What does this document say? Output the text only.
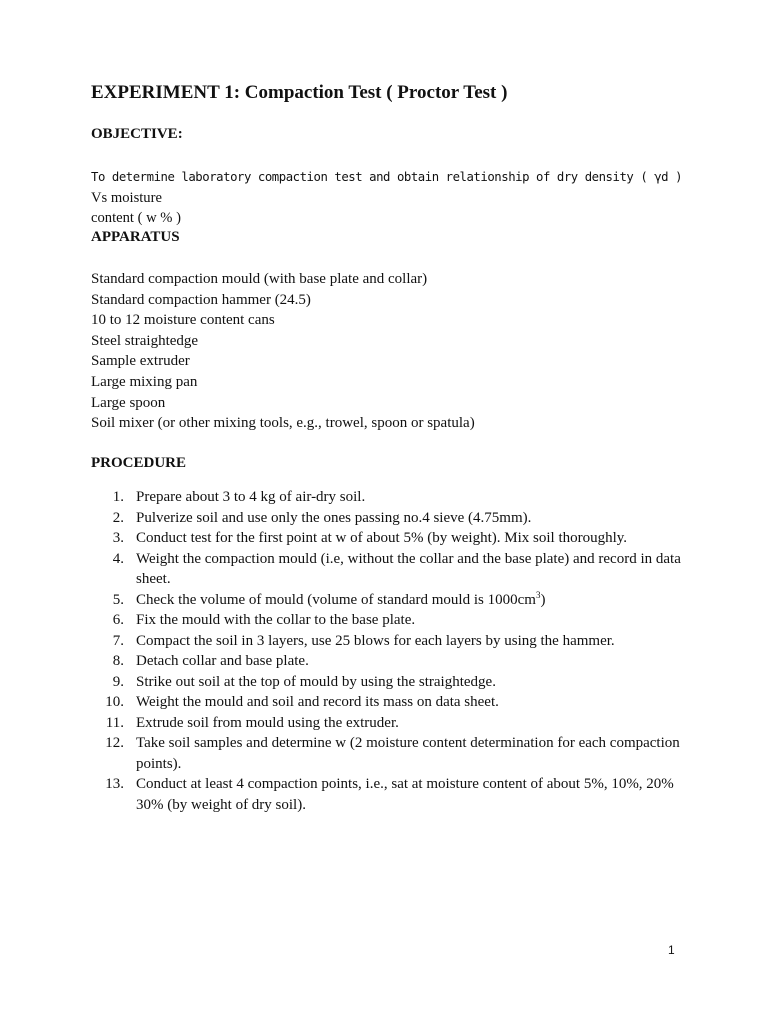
EXPERIMENT 1: Compaction Test ( Proctor Test )
OBJECTIVE:
To determine laboratory compaction test and obtain relationship of dry density ( γd ) Vs moisture
content ( w % )
APPARATUS
Standard compaction mould (with base plate and collar)
Standard compaction hammer (24.5)
10 to 12 moisture content cans
Steel straightedge
Sample extruder
Large mixing pan
Large spoon
Soil mixer (or other mixing tools, e.g., trowel, spoon or spatula)
PROCEDURE
1. Prepare about 3 to 4 kg of air-dry soil.
2. Pulverize soil and use only the ones passing no.4 sieve (4.75mm).
3. Conduct test for the first point at w of about 5% (by weight). Mix soil thoroughly.
4. Weight the compaction mould (i.e, without the collar and the base plate) and record in data sheet.
5. Check the volume of mould (volume of standard mould is $1000cm^3$)
6. Fix the mould with the collar to the base plate.
7. Compact the soil in 3 layers, use 25 blows for each layers by using the hammer.
8. Detach collar and base plate.
9. Strike out soil at the top of mould by using the straightedge.
10. Weight the mould and soil and record its mass on data sheet.
11. Extrude soil from mould using the extruder.
12. Take soil samples and determine w (2 moisture content determination for each compaction points).
13. Conduct at least 4 compaction points, i.e., sat at moisture content of about 5%, 10%, 20% 30% (by weight of dry soil).
1
